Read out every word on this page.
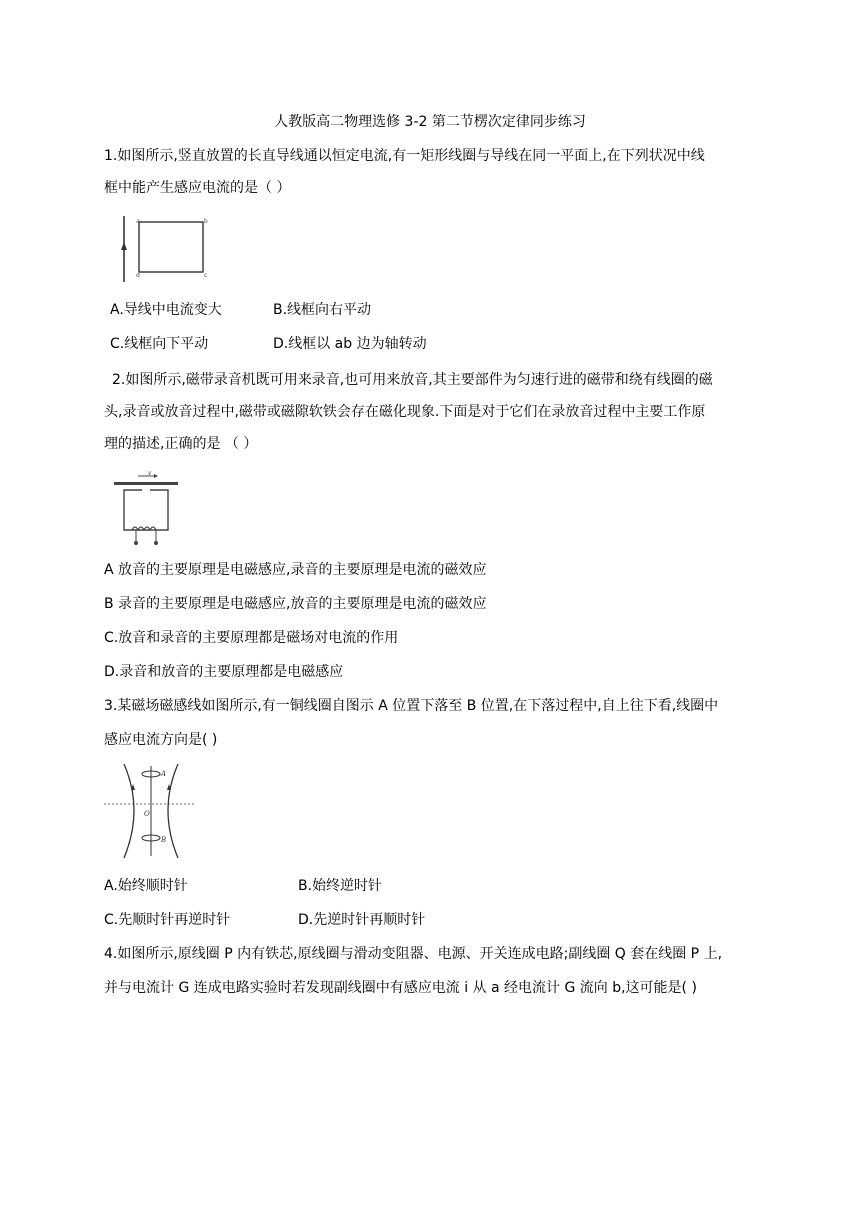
人教版高二物理选修 3-2 第二节楞次定律同步练习
1.如图所示,竖直放置的长直导线通以恒定电流,有一矩形线圈与导线在同一平面上,在下列状况中线
框中能产生感应电流的是（ ）
a	b
d	c
A.导线中电流变大	B.线框向右平动
C.线框向下平动	D.线框以 ab 边为轴转动
2.如图所示,磁带录音机既可用来录音,也可用来放音,其主要部件为匀速行进的磁带和绕有线圈的磁
头,录音或放音过程中,磁带或磁隙软铁会存在磁化现象.下面是对于它们在录放音过程中主要工作原
理的描述,正确的是 （ ）
v
A 放音的主要原理是电磁感应,录音的主要原理是电流的磁效应
B 录音的主要原理是电磁感应,放音的主要原理是电流的磁效应
C.放音和录音的主要原理都是磁场对电流的作用
D.录音和放音的主要原理都是电磁感应
3.某磁场磁感线如图所示,有一铜线圈自图示 A 位置下落至 B 位置,在下落过程中,自上往下看,线圈中
感应电流方向是( )
A
O
B
A.始终顺时针	B.始终逆时针
C.先顺时针再逆时针	D.先逆时针再顺时针
4.如图所示,原线圈 P 内有铁芯,原线圈与滑动变阻器、电源、开关连成电路;副线圈 Q 套在线圈 P 上,
并与电流计 G 连成电路实验时若发现副线圈中有感应电流 i 从 a 经电流计 G 流向 b,这可能是( )
